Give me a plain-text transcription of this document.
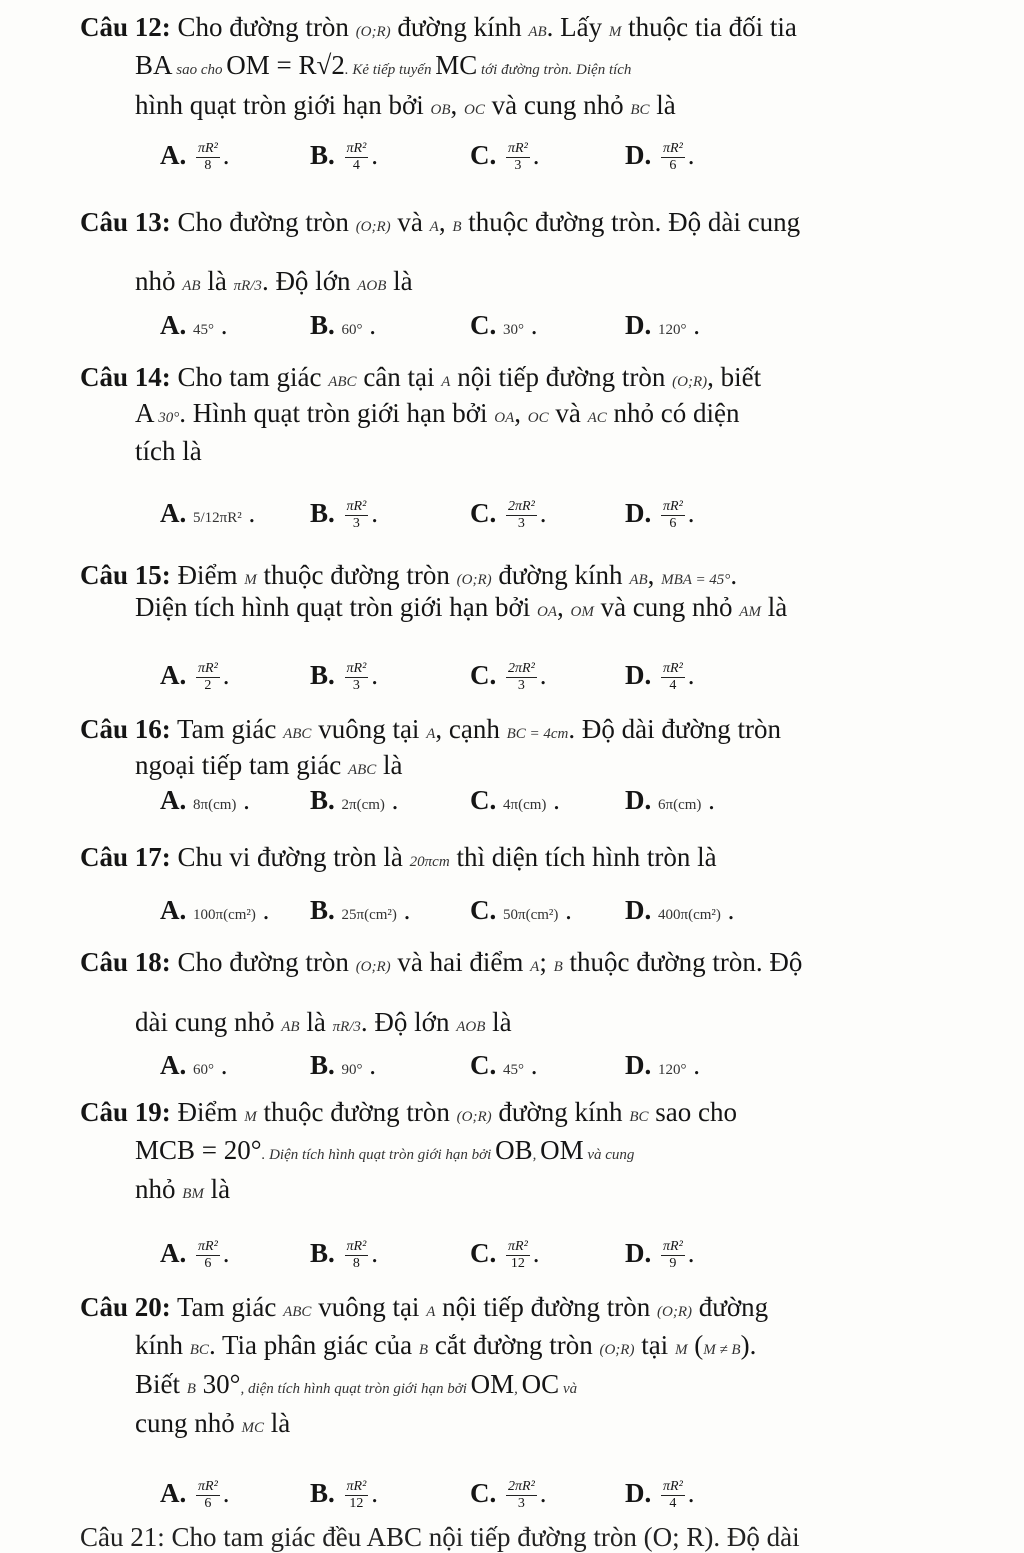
Câu 12: Cho đường tròn (O;R) đường kính AB. Lấy M thuộc tia đối tia
BA sao cho OM = R√2. Kẻ tiếp tuyến MC tới đường tròn. Diện tích
hình quạt tròn giới hạn bởi OB, OC và cung nhỏ BC là
A. $\frac{\text{πR²}}{8}$ .	B. $\frac{\text{πR²}}{4}$ .	C. $\frac{\text{πR²}}{3}$ .	D. $\frac{\text{πR²}}{6}$ .
Câu 13: Cho đường tròn (O;R) và A, B thuộc đường tròn. Độ dài cung
nhỏ AB là πR/3. Độ lớn AOB là
A. 45° .	B. 60° .	C. 30° .	D. 120° .
Câu 14: Cho tam giác ABC cân tại A nội tiếp đường tròn (O;R), biết
A 30°. Hình quạt tròn giới hạn bởi OA, OC và AC nhỏ có diện
tích là
A. 5/12πR² . B. $\frac{\text{πR²}}{3}$ .	C. $\frac{\text{2πR²}}{3}$ .	D. $\frac{\text{πR²}}{6}$ .
Câu 15: Điểm M thuộc đường tròn (O;R) đường kính AB, MBA = 45°.
Diện tích hình quạt tròn giới hạn bởi OA, OM và cung nhỏ AM là
A. $\frac{\text{πR²}}{2}$ .	B. $\frac{\text{πR²}}{3}$ .	C. $\frac{\text{2πR²}}{3}$ .	D. $\frac{\text{πR²}}{4}$ .
Câu 16: Tam giác ABC vuông tại A, cạnh BC = 4cm. Độ dài đường tròn
ngoại tiếp tam giác ABC là
A. 8π(cm) . B. 2π(cm) .	C. 4π(cm) . D. 6π(cm) .
Câu 17: Chu vi đường tròn là 20πcm thì diện tích hình tròn là
A. 100π(cm²) . B. 25π(cm²) . C. 50π(cm²) . D. 400π(cm²) .
Câu 18: Cho đường tròn (O;R) và hai điểm A; B thuộc đường tròn. Độ
dài cung nhỏ AB là πR/3. Độ lớn AOB là
A. 60° .	B. 90° .	C. 45° .	D. 120° .
Câu 19: Điểm M thuộc đường tròn (O;R) đường kính BC sao cho
MCB = 20°. Diện tích hình quạt tròn giới hạn bởi OB, OM và cung
nhỏ BM là
A. $\frac{\text{πR²}}{6}$ .	B. $\frac{\text{πR²}}{8}$ .	C. $\frac{\text{πR²}}{12}$ .	D. $\frac{\text{πR²}}{9}$ .
Câu 20: Tam giác ABC vuông tại A nội tiếp đường tròn (O;R) đường
kính BC. Tia phân giác của B cắt đường tròn (O;R) tại M (M ≠ B).
Biết B 30°, diện tích hình quạt tròn giới hạn bởi OM, OC và
cung nhỏ MC là
A. $\frac{\text{πR²}}{6}$ .	B. $\frac{\text{πR²}}{12}$ .	C. $\frac{\text{2πR²}}{3}$ .	D. $\frac{\text{πR²}}{4}$ .
Câu 21: Cho tam giác đều ABC nội tiếp đường tròn (O; R). Độ dài
